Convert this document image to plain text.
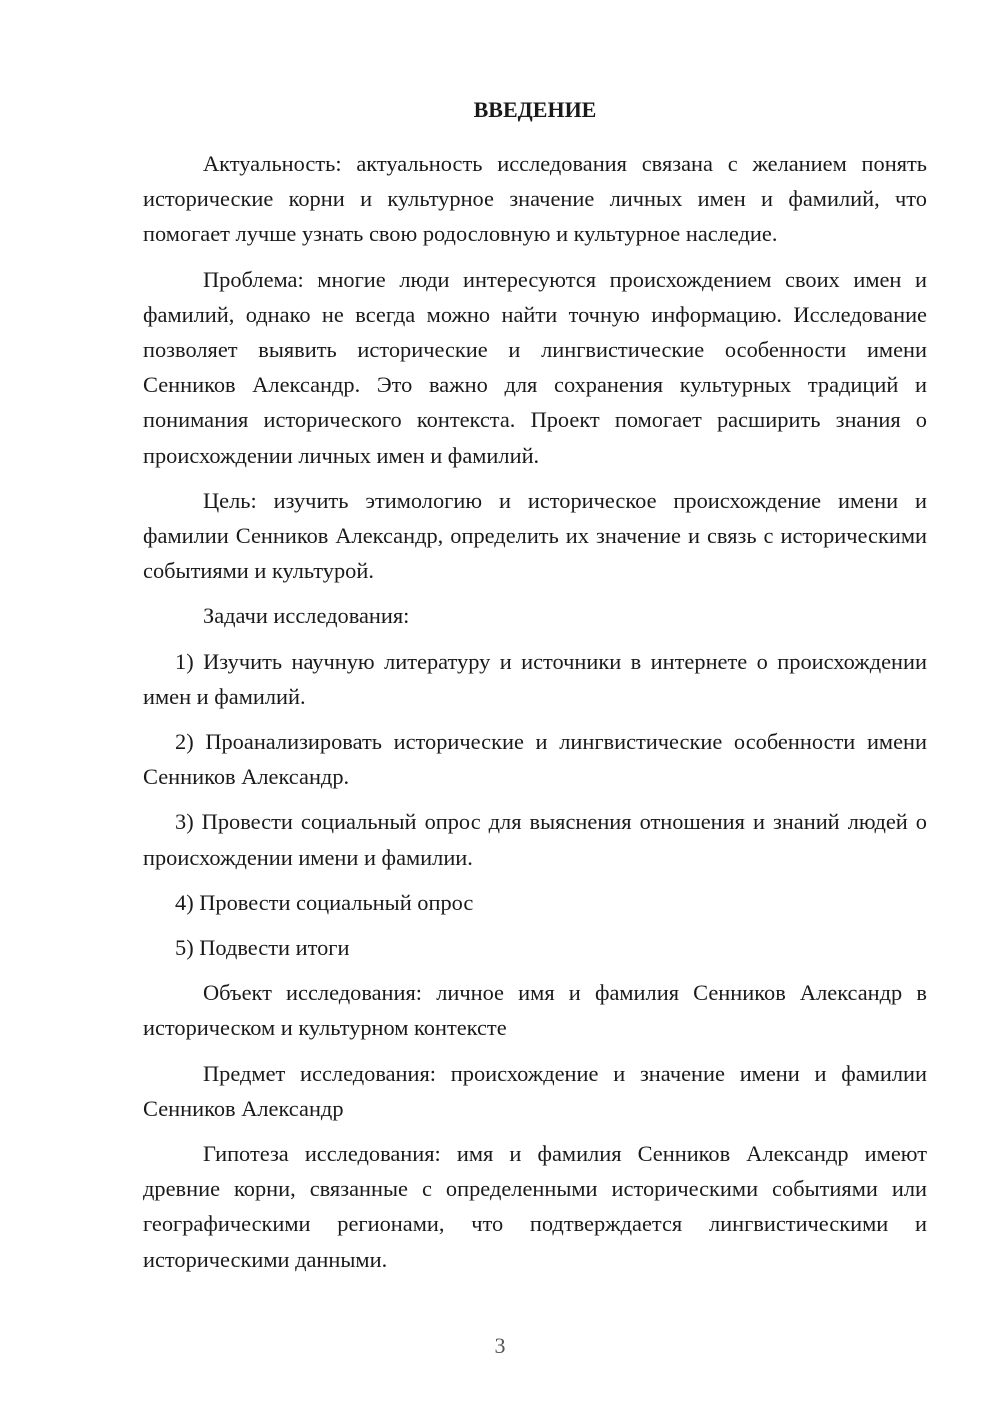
ВВЕДЕНИЕ

Актуальность: актуальность исследования связана с желанием понять исторические корни и культурное значение личных имен и фамилий, что помогает лучше узнать свою родословную и культурное наследие.

Проблема: многие люди интересуются происхождением своих имен и фамилий, однако не всегда можно найти точную информацию. Исследование позволяет выявить исторические и лингвистические особенности имени Сенников Александр. Это важно для сохранения культурных традиций и понимания исторического контекста. Проект помогает расширить знания о происхождении личных имен и фамилий.

Цель: изучить этимологию и историческое происхождение имени и фамилии Сенников Александр, определить их значение и связь с историческими событиями и культурой.

Задачи исследования:

1) Изучить научную литературу и источники в интернете о происхождении имен и фамилий.

2) Проанализировать исторические и лингвистические особенности имени Сенников Александр.

3) Провести социальный опрос для выяснения отношения и знаний людей о происхождении имени и фамилии.

4) Провести социальный опрос

5) Подвести итоги

Объект исследования: личное имя и фамилия Сенников Александр в историческом и культурном контексте

Предмет исследования: происхождение и значение имени и фамилии Сенников Александр

Гипотеза исследования: имя и фамилия Сенников Александр имеют древние корни, связанные с определенными историческими событиями или географическими регионами, что подтверждается лингвистическими и историческими данными.

3
